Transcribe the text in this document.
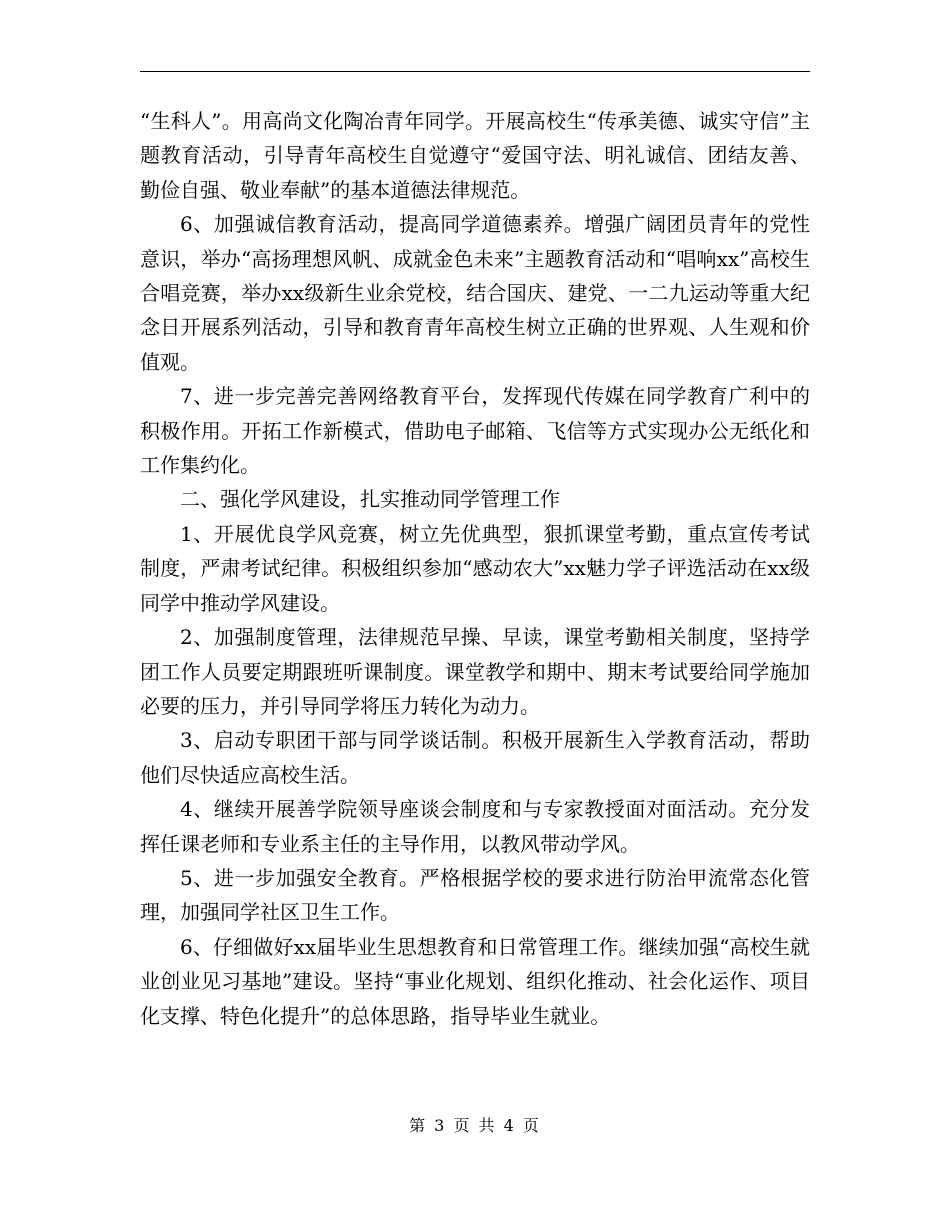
“生科人”。用高尚文化陶冶青年同学。开展高校生“传承美德、诚实守信”主题教育活动，引导青年高校生自觉遵守“爱国守法、明礼诚信、团结友善、勤俭自强、敬业奉献”的基本道德法律规范。

6、加强诚信教育活动，提高同学道德素养。增强广阔团员青年的党性意识，举办“高扬理想风帆、成就金色未来”主题教育活动和“唱响xx”高校生合唱竞赛，举办xx级新生业余党校，结合国庆、建党、一二九运动等重大纪念日开展系列活动，引导和教育青年高校生树立正确的世界观、人生观和价值观。

7、进一步完善完善网络教育平台，发挥现代传媒在同学教育广利中的积极作用。开拓工作新模式，借助电子邮箱、飞信等方式实现办公无纸化和工作集约化。

二、强化学风建设，扎实推动同学管理工作

1、开展优良学风竞赛，树立先优典型，狠抓课堂考勤，重点宣传考试制度，严肃考试纪律。积极组织参加“感动农大”xx魅力学子评选活动在xx级同学中推动学风建设。

2、加强制度管理，法律规范早操、早读，课堂考勤相关制度，坚持学团工作人员要定期跟班听课制度。课堂教学和期中、期末考试要给同学施加必要的压力，并引导同学将压力转化为动力。

3、启动专职团干部与同学谈话制。积极开展新生入学教育活动，帮助他们尽快适应高校生活。

4、继续开展善学院领导座谈会制度和与专家教授面对面活动。充分发挥任课老师和专业系主任的主导作用，以教风带动学风。

5、进一步加强安全教育。严格根据学校的要求进行防治甲流常态化管理，加强同学社区卫生工作。

6、仔细做好xx届毕业生思想教育和日常管理工作。继续加强“高校生就业创业见习基地”建设。坚持“事业化规划、组织化推动、社会化运作、项目化支撑、特色化提升”的总体思路，指导毕业生就业。

第 3 页 共 4 页
